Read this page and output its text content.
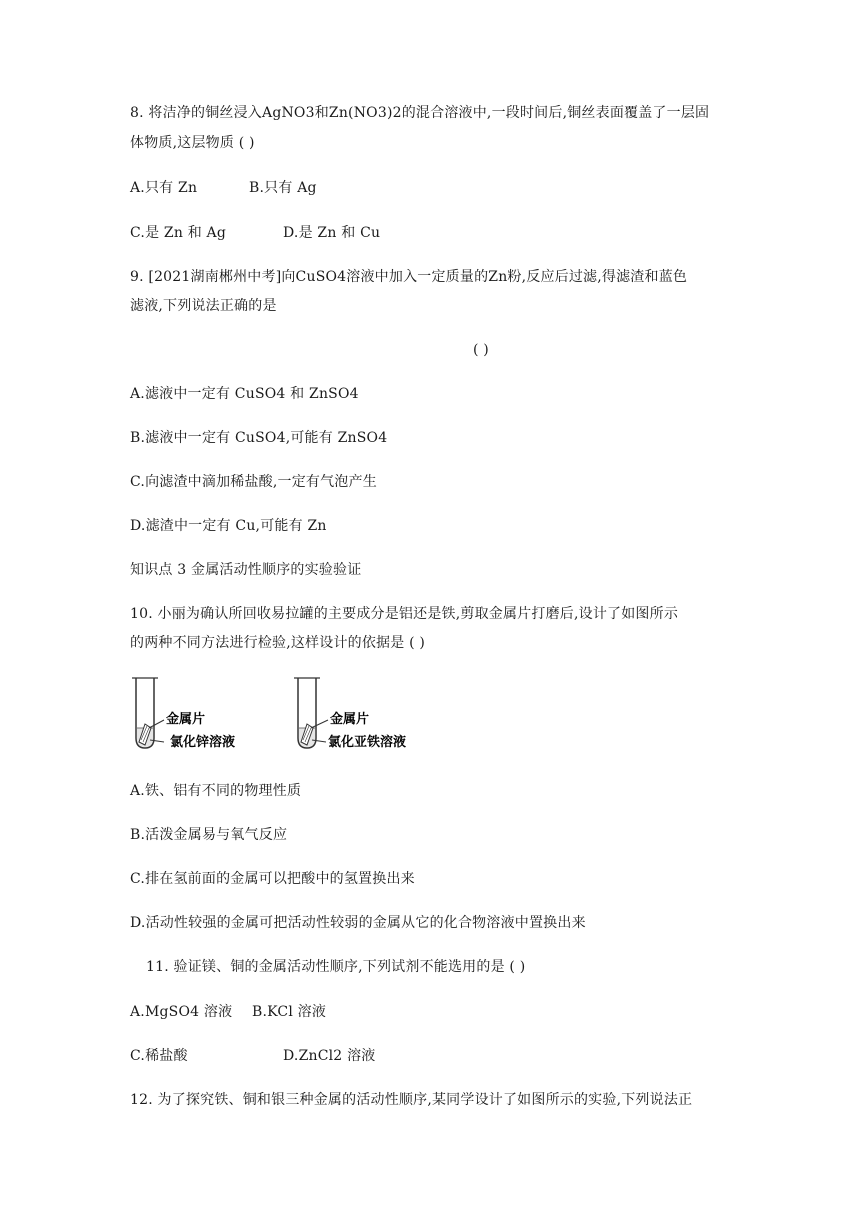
8. 将洁净的铜丝浸入AgNO3和Zn(NO3)2的混合溶液中,一段时间后,铜丝表面覆盖了一层固
体物质,这层物质 ( )
A.只有 Zn	B.只有 Ag
C.是 Zn 和 Ag	D.是 Zn 和 Cu
9. [2021湖南郴州中考]向CuSO4溶液中加入一定质量的Zn粉,反应后过滤,得滤渣和蓝色
滤液,下列说法正确的是
( )
A.滤液中一定有 CuSO4 和 ZnSO4
B.滤液中一定有 CuSO4,可能有 ZnSO4
C.向滤渣中滴加稀盐酸,一定有气泡产生
D.滤渣中一定有 Cu,可能有 Zn
知识点 3 金属活动性顺序的实验验证
10. 小丽为确认所回收易拉罐的主要成分是铝还是铁,剪取金属片打磨后,设计了如图所示
的两种不同方法进行检验,这样设计的依据是 ( )
金属片
氯化锌溶液
金属片
氯化亚铁溶液
A.铁、铝有不同的物理性质
B.活泼金属易与氧气反应
C.排在氢前面的金属可以把酸中的氢置换出来
D.活动性较强的金属可把活动性较弱的金属从它的化合物溶液中置换出来
11. 验证镁、铜的金属活动性顺序,下列试剂不能选用的是 ( )
A.MgSO4 溶液 B.KCl 溶液
C.稀盐酸	D.ZnCl2 溶液
12. 为了探究铁、铜和银三种金属的活动性顺序,某同学设计了如图所示的实验,下列说法正
